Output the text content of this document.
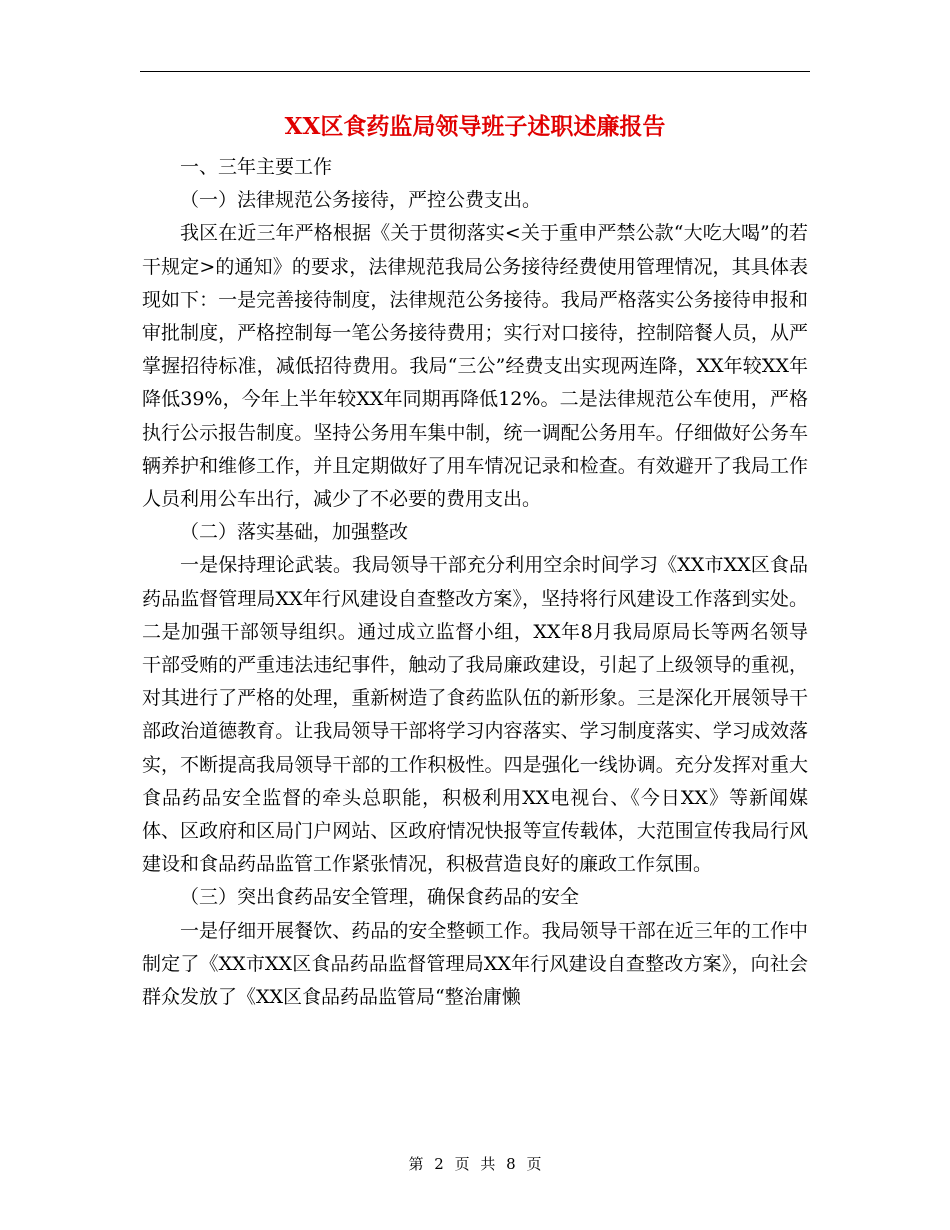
XX区食药监局领导班子述职述廉报告

一、三年主要工作

（一）法律规范公务接待，严控公费支出。

我区在近三年严格根据《关于贯彻落实<关于重申严禁公款“大吃大喝”的若干规定>的通知》的要求，法律规范我局公务接待经费使用管理情况，其具体表现如下：一是完善接待制度，法律规范公务接待。我局严格落实公务接待申报和审批制度，严格控制每一笔公务接待费用；实行对口接待，控制陪餐人员，从严掌握招待标准，减低招待费用。我局“三公”经费支出实现两连降，XX年较XX年降低39%，今年上半年较XX年同期再降低12%。二是法律规范公车使用，严格执行公示报告制度。坚持公务用车集中制，统一调配公务用车。仔细做好公务车辆养护和维修工作，并且定期做好了用车情况记录和检查。有效避开了我局工作人员利用公车出行，减少了不必要的费用支出。

（二）落实基础，加强整改

一是保持理论武装。我局领导干部充分利用空余时间学习《XX市XX区食品药品监督管理局XX年行风建设自查整改方案》，坚持将行风建设工作落到实处。二是加强干部领导组织。通过成立监督小组，XX年8月我局原局长等两名领导干部受贿的严重违法违纪事件，触动了我局廉政建设，引起了上级领导的重视，对其进行了严格的处理，重新树造了食药监队伍的新形象。三是深化开展领导干部政治道德教育。让我局领导干部将学习内容落实、学习制度落实、学习成效落实，不断提高我局领导干部的工作积极性。四是强化一线协调。充分发挥对重大食品药品安全监督的牵头总职能，积极利用XX电视台、《今日XX》等新闻媒体、区政府和区局门户网站、区政府情况快报等宣传载体，大范围宣传我局行风建设和食品药品监管工作紧张情况，积极营造良好的廉政工作氛围。

（三）突出食药品安全管理，确保食药品的安全

一是仔细开展餐饮、药品的安全整顿工作。我局领导干部在近三年的工作中制定了《XX市XX区食品药品监督管理局XX年行风建设自查整改方案》，向社会群众发放了《XX区食品药品监管局“整治庸懒

第 2 页 共 8 页
